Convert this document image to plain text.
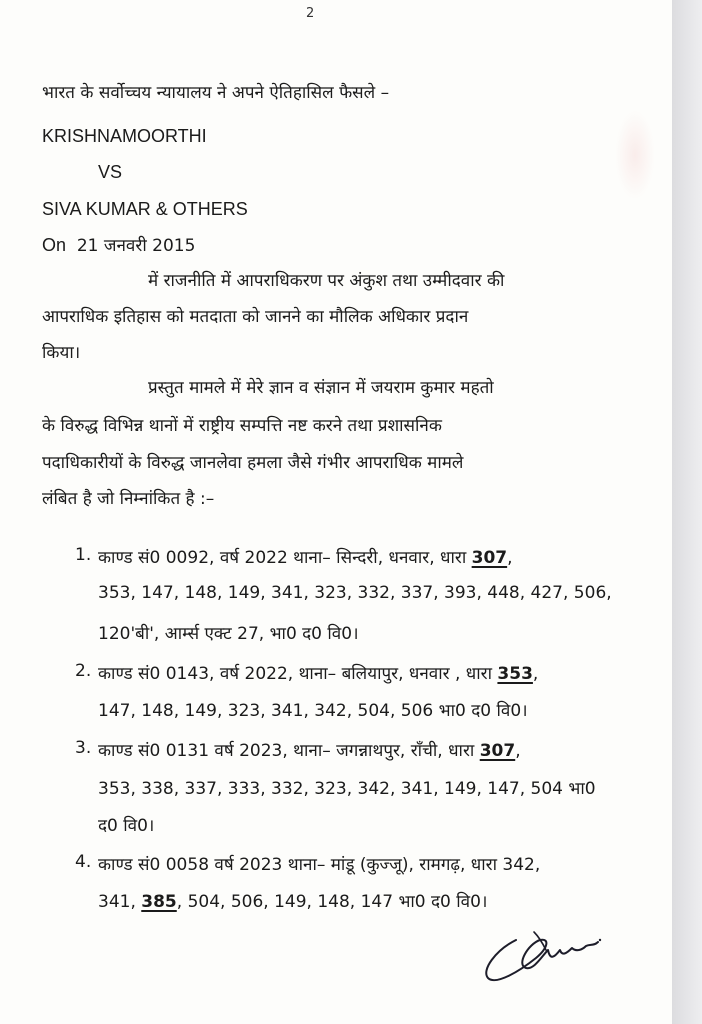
2
भारत के सर्वोच्चय न्यायालय ने अपने ऐतिहासिल फैसले –
KRISHNAMOORTHI
VS
SIVA KUMAR & OTHERS
On 21 जनवरी 2015
में राजनीति में आपराधिकरण पर अंकुश तथा उम्मीदवार की
आपराधिक इतिहास को मतदाता को जानने का मौलिक अधिकार प्रदान
किया।
प्रस्तुत मामले में मेरे ज्ञान व संज्ञान में जयराम कुमार महतो
के विरुद्ध विभिन्न थानों में राष्ट्रीय सम्पत्ति नष्ट करने तथा प्रशासनिक
पदाधिकारीयों के विरुद्ध जानलेवा हमला जैसे गंभीर आपराधिक मामले
लंबित है जो निम्नांकित है :–
1. काण्ड सं0 0092, वर्ष 2022 थाना– सिन्दरी, धनवार, धारा 307,
353, 147, 148, 149, 341, 323, 332, 337, 393, 448, 427, 506,
120'बी', आर्म्स एक्ट 27, भा0 द0 वि0।
2. काण्ड सं0 0143, वर्ष 2022, थाना– बलियापुर, धनवार , धारा 353,
147, 148, 149, 323, 341, 342, 504, 506 भा0 द0 वि0।
3. काण्ड सं0 0131 वर्ष 2023, थाना– जगन्नाथपुर, राँची, धारा 307,
353, 338, 337, 333, 332, 323, 342, 341, 149, 147, 504 भा0
द0 वि0।
4. काण्ड सं0 0058 वर्ष 2023 थाना– मांडू (कुज्जू), रामगढ़, धारा 342,
341, 385, 504, 506, 149, 148, 147 भा0 द0 वि0।
